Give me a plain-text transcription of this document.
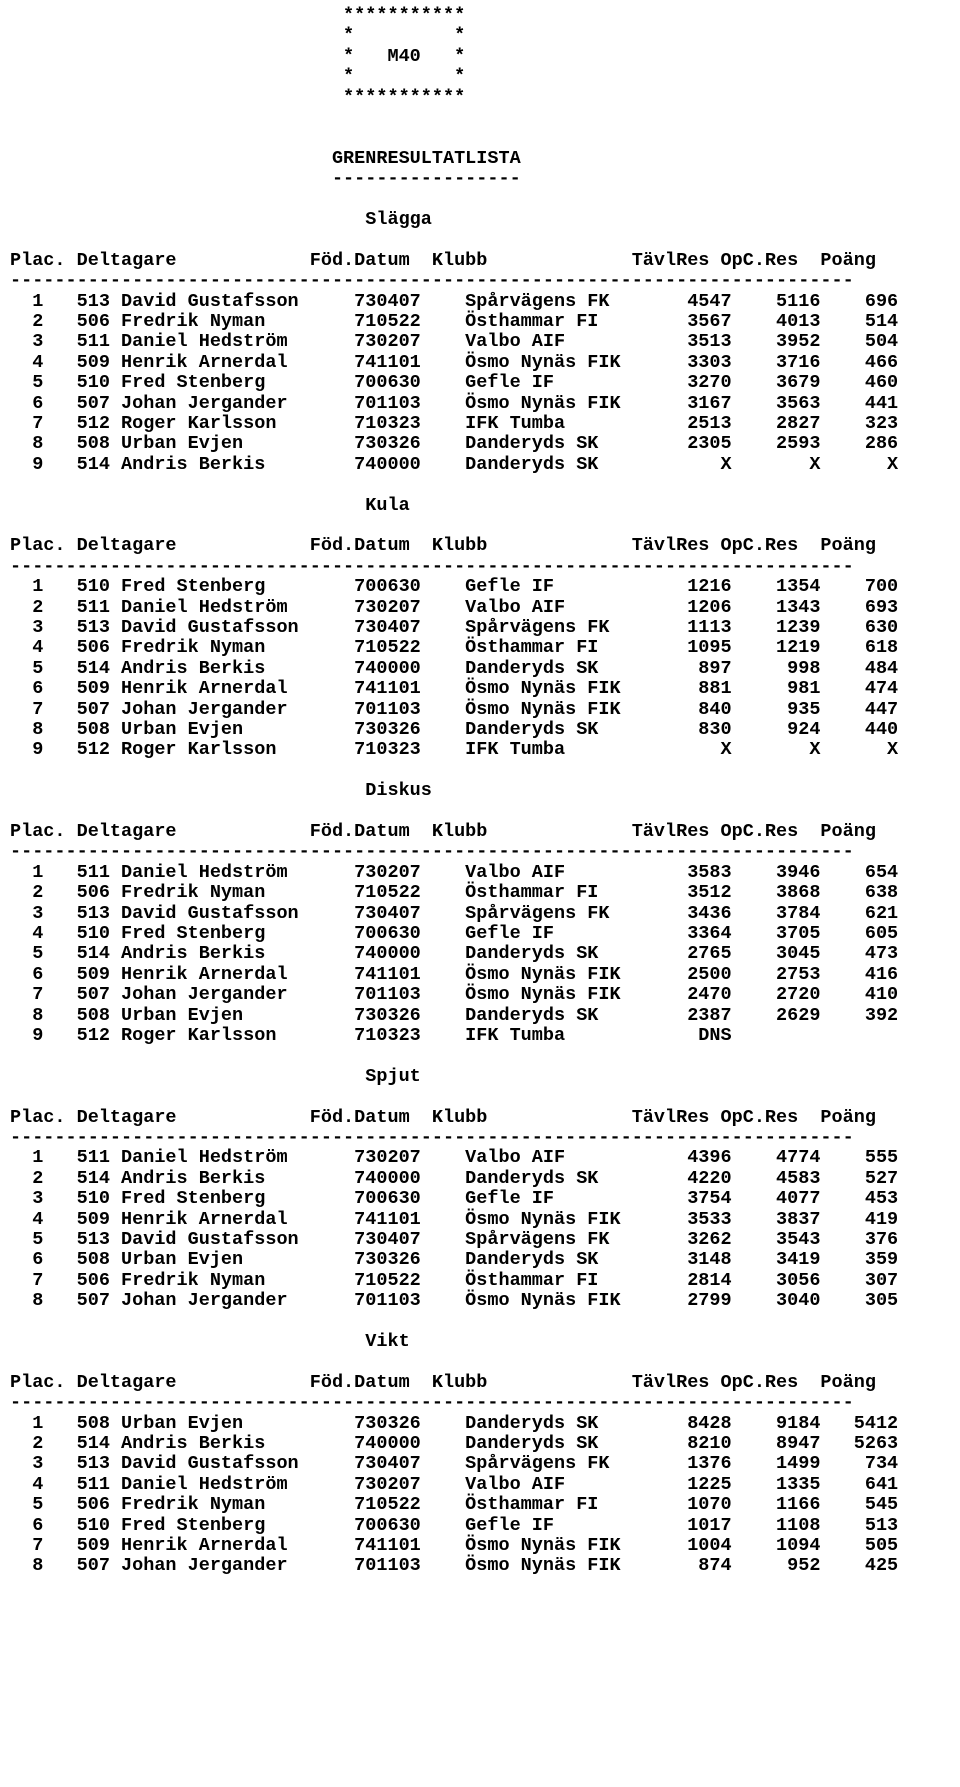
***********
*         *
*   M40   *
*         *
***********
GRENRESULTATLISTA
-----------------
Slägga
Plac. Deltagare            Föd.Datum  Klubb             TävlRes OpC.Res  Poäng
----------------------------------------------------------------------------
1   513 David Gustafsson     730407    Spårvägens FK       4547    5116    696
2   506 Fredrik Nyman        710522    Östhammar FI        3567    4013    514
3   511 Daniel Hedström      730207    Valbo AIF           3513    3952    504
4   509 Henrik Arnerdal      741101    Ösmo Nynäs FIK      3303    3716    466
5   510 Fred Stenberg        700630    Gefle IF            3270    3679    460
6   507 Johan Jergander      701103    Ösmo Nynäs FIK      3167    3563    441
7   512 Roger Karlsson       710323    IFK Tumba           2513    2827    323
8   508 Urban Evjen          730326    Danderyds SK        2305    2593    286
9   514 Andris Berkis        740000    Danderyds SK           X       X      X
Kula
Plac. Deltagare            Föd.Datum  Klubb             TävlRes OpC.Res  Poäng
----------------------------------------------------------------------------
1   510 Fred Stenberg        700630    Gefle IF            1216    1354    700
2   511 Daniel Hedström      730207    Valbo AIF           1206    1343    693
3   513 David Gustafsson     730407    Spårvägens FK       1113    1239    630
4   506 Fredrik Nyman        710522    Östhammar FI        1095    1219    618
5   514 Andris Berkis        740000    Danderyds SK         897     998    484
6   509 Henrik Arnerdal      741101    Ösmo Nynäs FIK       881     981    474
7   507 Johan Jergander      701103    Ösmo Nynäs FIK       840     935    447
8   508 Urban Evjen          730326    Danderyds SK         830     924    440
9   512 Roger Karlsson       710323    IFK Tumba              X       X      X
Diskus
Plac. Deltagare            Föd.Datum  Klubb             TävlRes OpC.Res  Poäng
----------------------------------------------------------------------------
1   511 Daniel Hedström      730207    Valbo AIF           3583    3946    654
2   506 Fredrik Nyman        710522    Östhammar FI        3512    3868    638
3   513 David Gustafsson     730407    Spårvägens FK       3436    3784    621
4   510 Fred Stenberg        700630    Gefle IF            3364    3705    605
5   514 Andris Berkis        740000    Danderyds SK        2765    3045    473
6   509 Henrik Arnerdal      741101    Ösmo Nynäs FIK      2500    2753    416
7   507 Johan Jergander      701103    Ösmo Nynäs FIK      2470    2720    410
8   508 Urban Evjen          730326    Danderyds SK        2387    2629    392
9   512 Roger Karlsson       710323    IFK Tumba            DNS
Spjut
Plac. Deltagare            Föd.Datum  Klubb             TävlRes OpC.Res  Poäng
----------------------------------------------------------------------------
1   511 Daniel Hedström      730207    Valbo AIF           4396    4774    555
2   514 Andris Berkis        740000    Danderyds SK        4220    4583    527
3   510 Fred Stenberg        700630    Gefle IF            3754    4077    453
4   509 Henrik Arnerdal      741101    Ösmo Nynäs FIK      3533    3837    419
5   513 David Gustafsson     730407    Spårvägens FK       3262    3543    376
6   508 Urban Evjen          730326    Danderyds SK        3148    3419    359
7   506 Fredrik Nyman        710522    Östhammar FI        2814    3056    307
8   507 Johan Jergander      701103    Ösmo Nynäs FIK      2799    3040    305
Vikt
Plac. Deltagare            Föd.Datum  Klubb             TävlRes OpC.Res  Poäng
----------------------------------------------------------------------------
1   508 Urban Evjen          730326    Danderyds SK        8428    9184   5412
2   514 Andris Berkis        740000    Danderyds SK        8210    8947   5263
3   513 David Gustafsson     730407    Spårvägens FK       1376    1499    734
4   511 Daniel Hedström      730207    Valbo AIF           1225    1335    641
5   506 Fredrik Nyman        710522    Östhammar FI        1070    1166    545
6   510 Fred Stenberg        700630    Gefle IF            1017    1108    513
7   509 Henrik Arnerdal      741101    Ösmo Nynäs FIK      1004    1094    505
8   507 Johan Jergander      701103    Ösmo Nynäs FIK       874     952    425
